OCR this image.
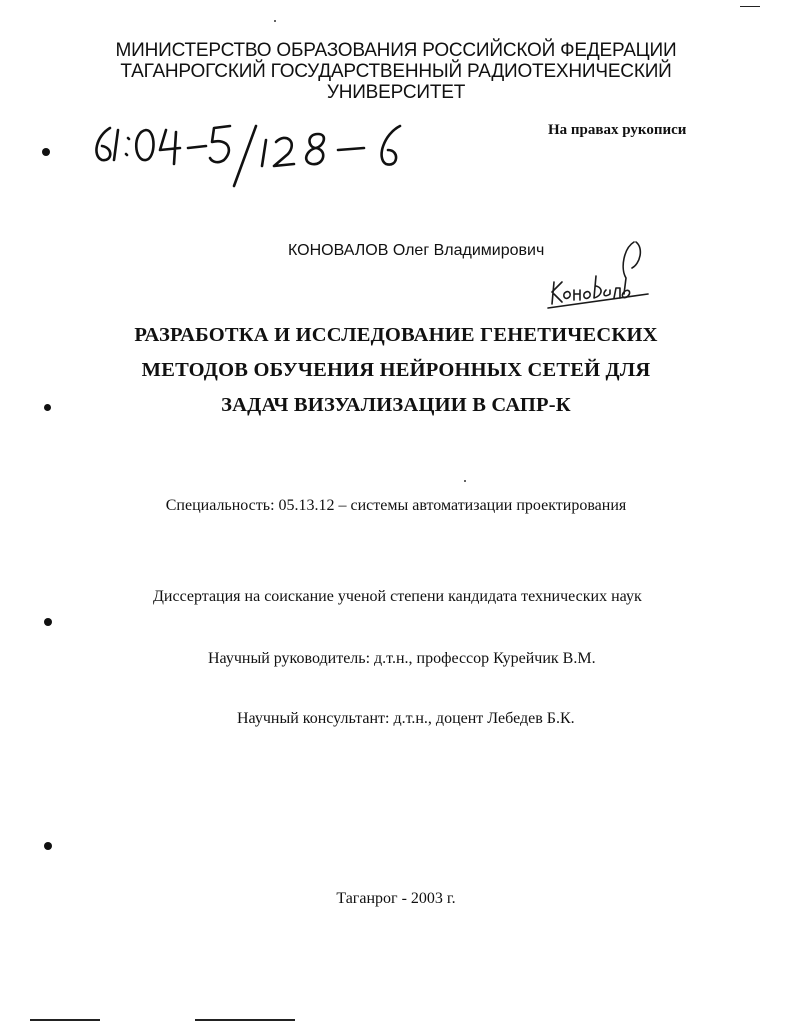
МИНИСТЕРСТВО ОБРАЗОВАНИЯ РОССИЙСКОЙ ФЕДЕРАЦИИ
ТАГАНРОГСКИЙ ГОСУДАРСТВЕННЫЙ РАДИОТЕХНИЧЕСКИЙ
УНИВЕРСИТЕТ
На правах рукописи
КОНОВАЛОВ Олег Владимирович
РАЗРАБОТКА И ИССЛЕДОВАНИЕ ГЕНЕТИЧЕСКИХ
МЕТОДОВ ОБУЧЕНИЯ НЕЙРОННЫХ СЕТЕЙ ДЛЯ
ЗАДАЧ ВИЗУАЛИЗАЦИИ В САПР-К
Специальность: 05.13.12 – системы автоматизации проектирования
Диссертация на соискание ученой степени кандидата технических наук
Научный руководитель: д.т.н., профессор Курейчик В.М.
Научный консультант: д.т.н., доцент Лебедев Б.К.
Таганрог - 2003 г.
